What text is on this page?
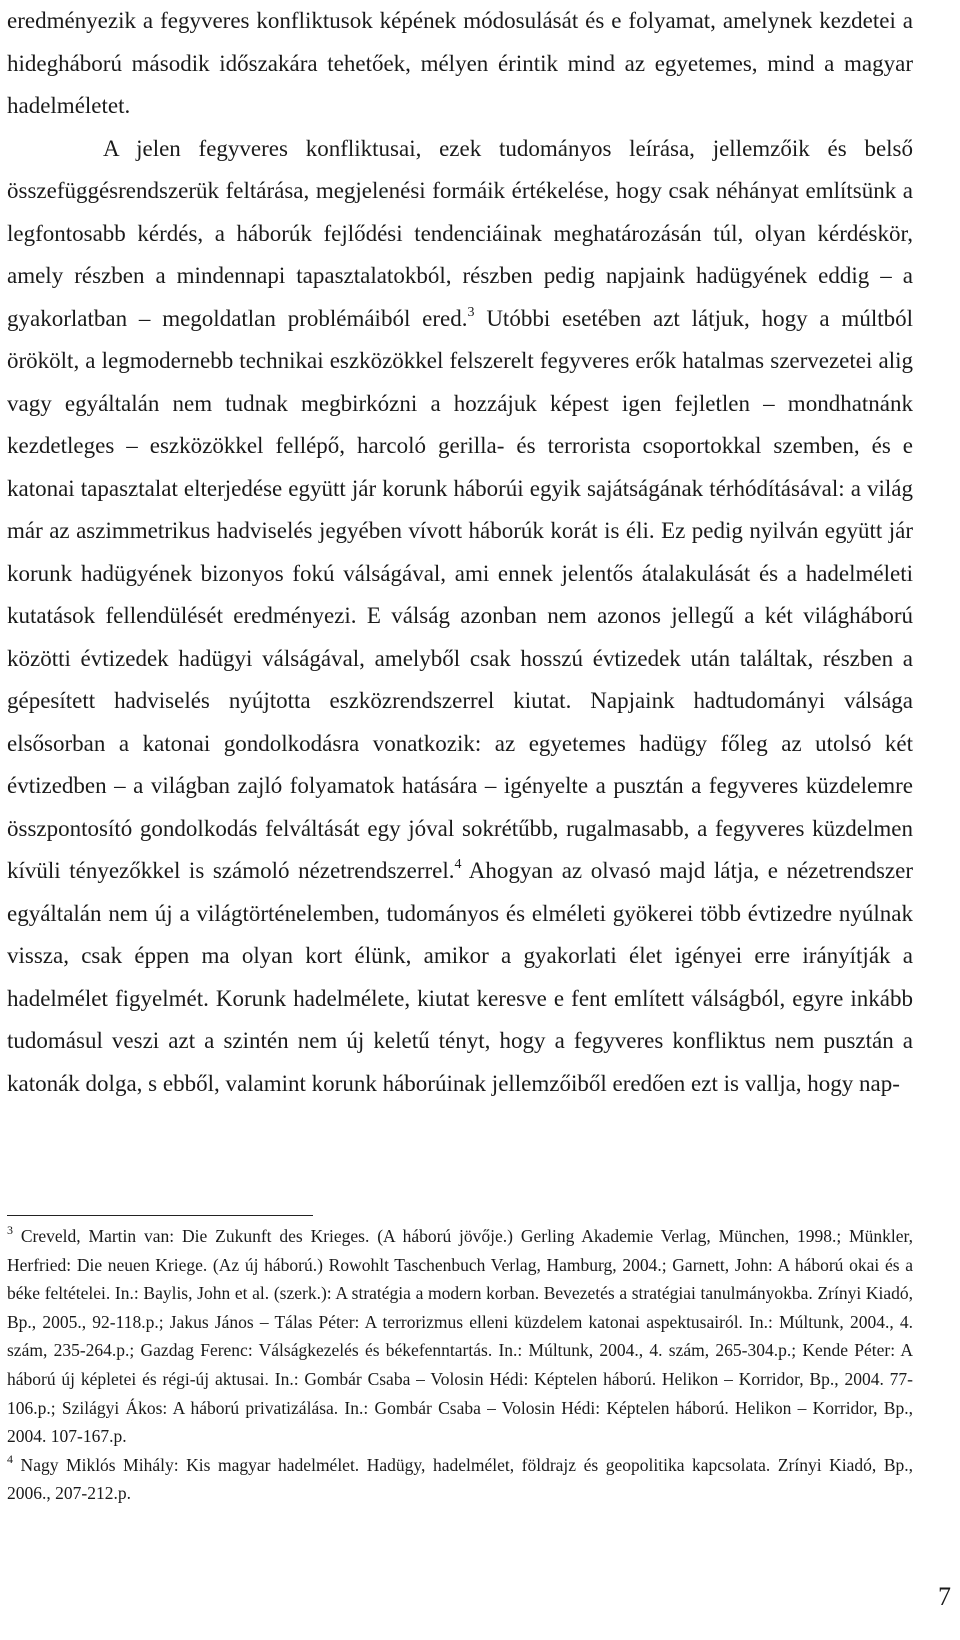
eredményezik a fegyveres konfliktusok képének módosulását és e folyamat, amelynek kezdetei a hidegháború második időszakára tehetőek, mélyen érintik mind az egyetemes, mind a magyar hadelméletet.

A jelen fegyveres konfliktusai, ezek tudományos leírása, jellemzőik és belső összefüggésrendszerük feltárása, megjelenési formáik értékelése, hogy csak néhányat említsünk a legfontosabb kérdés, a háborúk fejlődési tendenciáinak meghatározásán túl, olyan kérdéskör, amely részben a mindennapi tapasztalatokból, részben pedig napjaink hadügyének eddig – a gyakorlatban – megoldatlan problémáiból ered.$^3$ Utóbbi esetében azt látjuk, hogy a múltból örökölt, a legmodernebb technikai eszközökkel felszerelt fegyveres erők hatalmas szervezetei alig vagy egyáltalán nem tudnak megbirkózni a hozzájuk képest igen fejletlen – mondhatnánk kezdetleges – eszközökkel fellépő, harcoló gerilla- és terrorista csoportokkal szemben, és e katonai tapasztalat elterjedése együtt jár korunk háborúi egyik sajátságának térhódításával: a világ már az aszimmetrikus hadviselés jegyében vívott háborúk korát is éli. Ez pedig nyilván együtt jár korunk hadügyének bizonyos fokú válságával, ami ennek jelentős átalakulását és a hadelméleti kutatások fellendülését eredményezi. E válság azonban nem azonos jellegű a két világháború közötti évtizedek hadügyi válságával, amelyből csak hosszú évtizedek után találtak, részben a gépesített hadviselés nyújtotta eszközrendszerrel kiutat. Napjaink hadtudományi válsága elsősorban a katonai gondolkodásra vonatkozik: az egyetemes hadügy főleg az utolsó két évtizedben – a világban zajló folyamatok hatására – igényelte a pusztán a fegyveres küzdelemre összpontosító gondolkodás felváltását egy jóval sokrétűbb, rugalmasabb, a fegyveres küzdelmen kívüli tényezőkkel is számoló nézetrendszerrel.$^4$ Ahogyan az olvasó majd látja, e nézetrendszer egyáltalán nem új a világtörténelemben, tudományos és elméleti gyökerei több évtizedre nyúlnak vissza, csak éppen ma olyan kort élünk, amikor a gyakorlati élet igényei erre irányítják a hadelmélet figyelmét. Korunk hadelmélete, kiutat keresve e fent említett válságból, egyre inkább tudomásul veszi azt a szintén nem új keletű tényt, hogy a fegyveres konfliktus nem pusztán a katonák dolga, s ebből, valamint korunk háborúinak jellemzőiből eredően ezt is vallja, hogy nap-

$^3$ Creveld, Martin van: Die Zukunft des Krieges. (A háború jövője.) Gerling Akademie Verlag, München, 1998.; Münkler, Herfried: Die neuen Kriege. (Az új háború.) Rowohlt Taschenbuch Verlag, Hamburg, 2004.; Garnett, John: A háború okai és a béke feltételei. In.: Baylis, John et al. (szerk.): A stratégia a modern korban. Bevezetés a stratégiai tanulmányokba. Zrínyi Kiadó, Bp., 2005., 92-118.p.; Jakus János – Tálas Péter: A terrorizmus elleni küzdelem katonai aspektusairól. In.: Múltunk, 2004., 4. szám, 235-264.p.; Gazdag Ferenc: Válságkezelés és békefenntartás. In.: Múltunk, 2004., 4. szám, 265-304.p.; Kende Péter: A háború új képletei és régi-új aktusai. In.: Gombár Csaba – Volosin Hédi: Képtelen háború. Helikon – Korridor, Bp., 2004. 77-106.p.; Szilágyi Ákos: A háború privatizálása. In.: Gombár Csaba – Volosin Hédi: Képtelen háború. Helikon – Korridor, Bp., 2004. 107-167.p.

$^4$ Nagy Miklós Mihály: Kis magyar hadelmélet. Hadügy, hadelmélet, földrajz és geopolitika kapcsolata. Zrínyi Kiadó, Bp., 2006., 207-212.p.

7
